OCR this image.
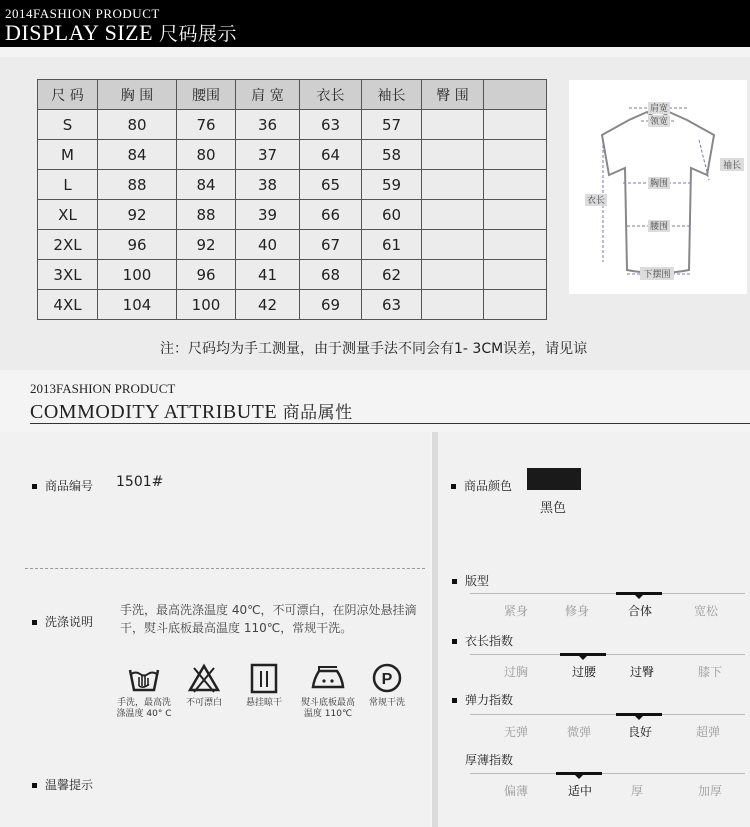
2014FASHION PRODUCT
DISPLAY SIZE 尺码展示
尺 码	胸 围	腰围	肩 宽	衣长	袖长	臀 围	
S	80	76	36	63	57		
M	84	80	37	64	58		
L	88	84	38	65	59		
XL	92	88	39	66	60		
2XL	96	92	40	67	61		
3XL	100	96	41	68	62		
4XL	104	100	42	69	63		
肩宽
领宽
袖长
胸围
衣长
腰围
下摆围
注：尺码均为手工测量，由于测量手法不同会有1- 3CM误差，请见谅
2013FASHION PRODUCT
COMMODITY ATTRIBUTE 商品属性
商品编号 1501#
洗涤说明
手洗，最高洗涤温度 40℃，不可漂白，在阴凉处悬挂滴干，熨斗底板最高温度 110℃，常规干洗。
手洗，最高洗涤温度 40° C
不可漂白	悬挂晾干	熨斗底板最高温度 110℃
P
常规干洗
温馨提示
商品颜色
黑色
版型
紧身	修身	合体	宽松
衣长指数
过胸	过腰	过臀	膝下
弹力指数
无弹	微弹	良好	超弹
厚薄指数
偏薄	适中	厚	加厚
